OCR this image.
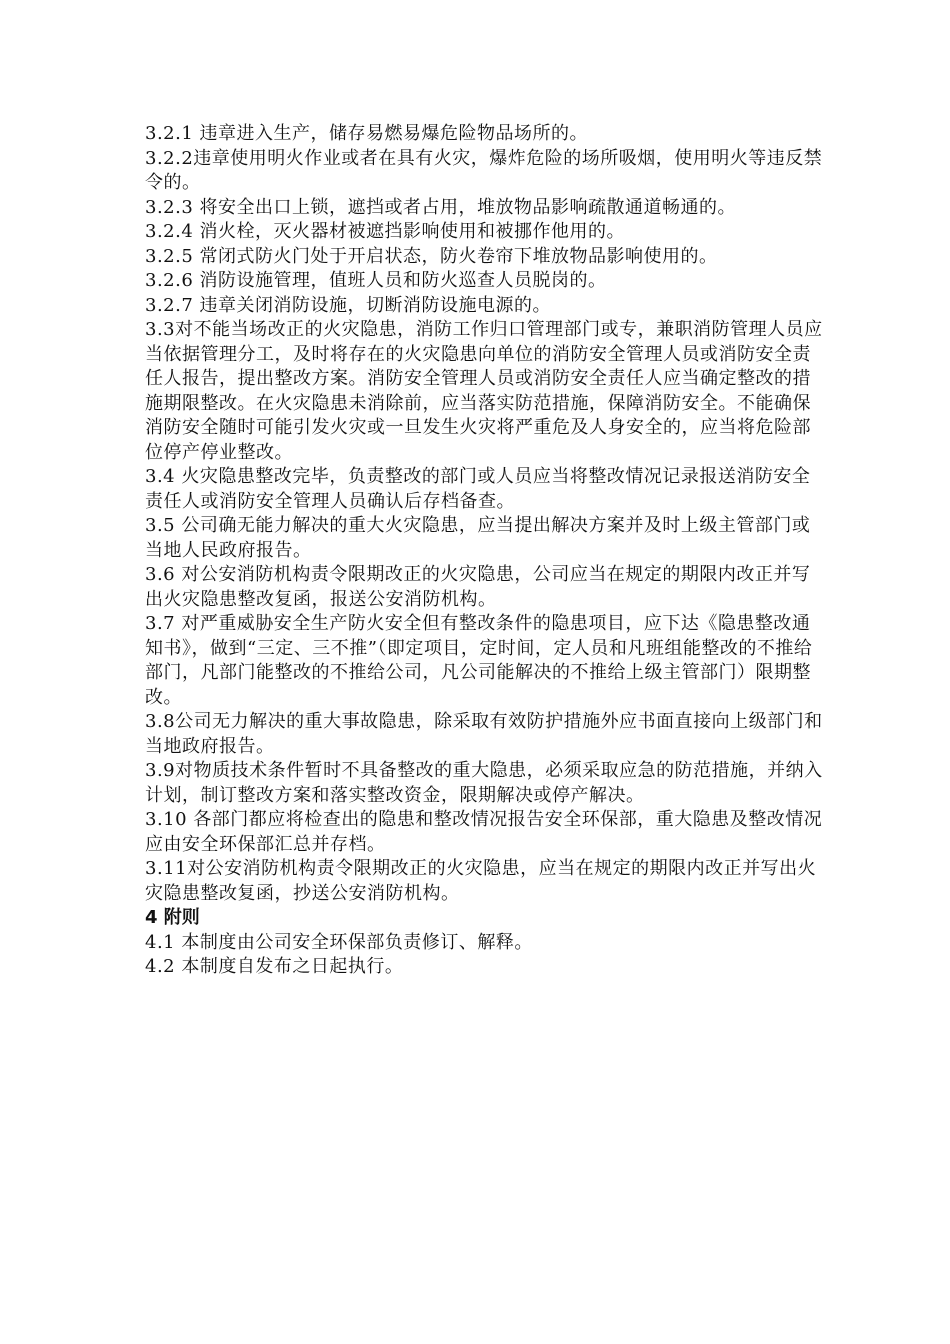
3.2.1 违章进入生产，储存易燃易爆危险物品场所的。

3.2.2违章使用明火作业或者在具有火灾，爆炸危险的场所吸烟，使用明火等违反禁令的。

3.2.3 将安全出口上锁，遮挡或者占用，堆放物品影响疏散通道畅通的。

3.2.4 消火栓，灭火器材被遮挡影响使用和被挪作他用的。

3.2.5 常闭式防火门处于开启状态，防火卷帘下堆放物品影响使用的。

3.2.6 消防设施管理，值班人员和防火巡查人员脱岗的。

3.2.7 违章关闭消防设施，切断消防设施电源的。

3.3对不能当场改正的火灾隐患，消防工作归口管理部门或专，兼职消防管理人员应当依据管理分工，及时将存在的火灾隐患向单位的消防安全管理人员或消防安全责任人报告，提出整改方案。消防安全管理人员或消防安全责任人应当确定整改的措施期限整改。在火灾隐患未消除前，应当落实防范措施，保障消防安全。不能确保消防安全随时可能引发火灾或一旦发生火灾将严重危及人身安全的，应当将危险部位停产停业整改。

3.4 火灾隐患整改完毕，负责整改的部门或人员应当将整改情况记录报送消防安全责任人或消防安全管理人员确认后存档备查。

3.5 公司确无能力解决的重大火灾隐患，应当提出解决方案并及时上级主管部门或当地人民政府报告。

3.6 对公安消防机构责令限期改正的火灾隐患，公司应当在规定的期限内改正并写出火灾隐患整改复函，报送公安消防机构。

3.7 对严重威胁安全生产防火安全但有整改条件的隐患项目，应下达《隐患整改通知书》，做到“三定、三不推”（即定项目，定时间，定人员和凡班组能整改的不推给部门，凡部门能整改的不推给公司，凡公司能解决的不推给上级主管部门）限期整改。

3.8公司无力解决的重大事故隐患，除采取有效防护措施外应书面直接向上级部门和当地政府报告。

3.9对物质技术条件暂时不具备整改的重大隐患，必须采取应急的防范措施，并纳入计划，制订整改方案和落实整改资金，限期解决或停产解决。

3.10 各部门都应将检查出的隐患和整改情况报告安全环保部，重大隐患及整改情况应由安全环保部汇总并存档。

3.11对公安消防机构责令限期改正的火灾隐患，应当在规定的期限内改正并写出火灾隐患整改复函，抄送公安消防机构。

4 附则

4.1 本制度由公司安全环保部负责修订、解释。

4.2 本制度自发布之日起执行。
